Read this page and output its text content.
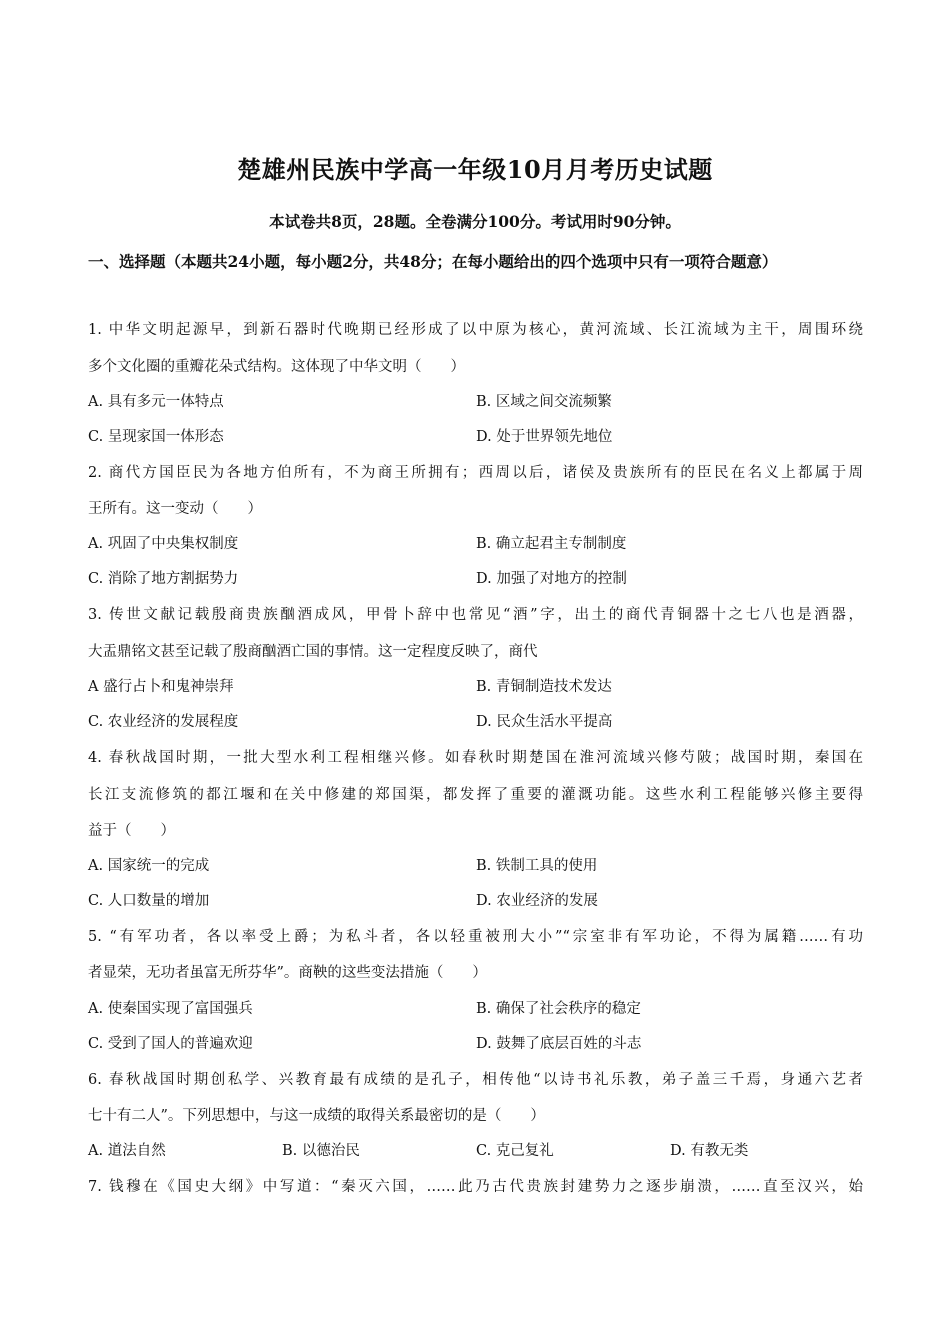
楚雄州民族中学高一年级10月月考历史试题
本试卷共8页，28题。全卷满分100分。考试用时90分钟。
一、选择题（本题共24小题，每小题2分，共48分；在每小题给出的四个选项中只有一项符合题意）
1. 中华文明起源早，到新石器时代晚期已经形成了以中原为核心，黄河流域、长江流域为主干，周围环绕
多个文化圈的重瓣花朵式结构。这体现了中华文明（　　）
A. 具有多元一体特点	B. 区域之间交流频繁
C. 呈现家国一体形态	D. 处于世界领先地位
2. 商代方国臣民为各地方伯所有，不为商王所拥有；西周以后，诸侯及贵族所有的臣民在名义上都属于周
王所有。这一变动（　　）
A. 巩固了中央集权制度	B. 确立起君主专制制度
C. 消除了地方割据势力	D. 加强了对地方的控制
3. 传世文献记载殷商贵族酗酒成风，甲骨卜辞中也常见“酒”字，出土的商代青铜器十之七八也是酒器，
大盂鼎铭文甚至记载了殷商酗酒亡国的事情。这一定程度反映了，商代
A 盛行占卜和鬼神崇拜	B. 青铜制造技术发达
C. 农业经济的发展程度	D. 民众生活水平提高
4. 春秋战国时期，一批大型水利工程相继兴修。如春秋时期楚国在淮河流域兴修芍陂；战国时期，秦国在
长江支流修筑的都江堰和在关中修建的郑国渠，都发挥了重要的灌溉功能。这些水利工程能够兴修主要得
益于（　　）
A. 国家统一的完成	B. 铁制工具的使用
C. 人口数量的增加	D. 农业经济的发展
5. “有军功者，各以率受上爵；为私斗者，各以轻重被刑大小”“宗室非有军功论，不得为属籍……有功
者显荣，无功者虽富无所芬华”。商鞅的这些变法措施（　　）
A. 使秦国实现了富国强兵	B. 确保了社会秩序的稳定
C. 受到了国人的普遍欢迎	D. 鼓舞了底层百姓的斗志
6. 春秋战国时期创私学、兴教育最有成绩的是孔子，相传他“以诗书礼乐教，弟子盖三千焉，身通六艺者
七十有二人”。下列思想中，与这一成绩的取得关系最密切的是（　　）
A. 道法自然	B. 以德治民	C. 克己复礼	D. 有教无类
7. 钱穆在《国史大纲》中写道：“秦灭六国，……此乃古代贵族封建势力之逐步崩溃，……直至汉兴，始
